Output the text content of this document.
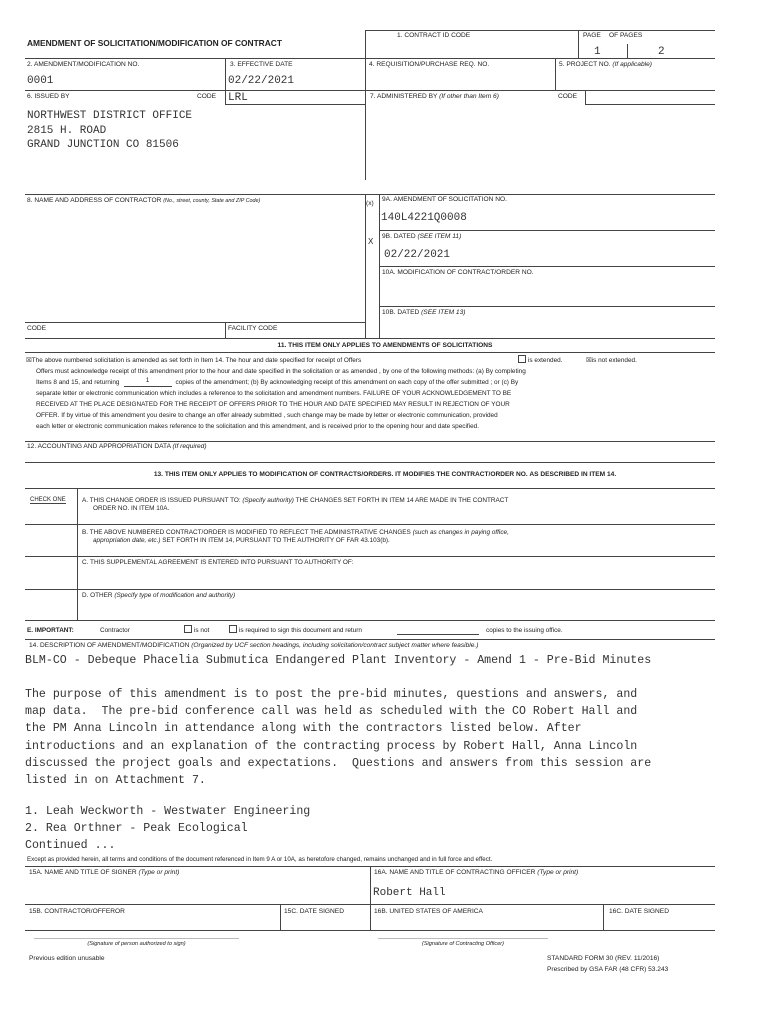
AMENDMENT OF SOLICITATION/MODIFICATION OF CONTRACT
1. CONTRACT ID CODE	PAGE OF PAGES
1	2
2. AMENDMENT/MODIFICATION NO.
0001
3. EFFECTIVE DATE
02/22/2021
4. REQUISITION/PURCHASE REQ. NO.	5. PROJECT NO. (If applicable)
6. ISSUED BY	CODE LRL	7. ADMINISTERED BY (If other than Item 6)	CODE
NORTHWEST DISTRICT OFFICE
2815 H. ROAD
GRAND JUNCTION CO 81506
8. NAME AND ADDRESS OF CONTRACTOR (No., street, county, State and ZIP Code)	(x)
9A. AMENDMENT OF SOLICITATION NO.
140L4221Q0008
X
9B. DATED (SEE ITEM 11)
02/22/2021
10A. MODIFICATION OF CONTRACT/ORDER NO.
10B. DATED (SEE ITEM 13)
CODE	FACILITY CODE
11. THIS ITEM ONLY APPLIES TO AMENDMENTS OF SOLICITATIONS
☒The above numbered solicitation is amended as set forth in Item 14. The hour and date specified for receipt of Offers	is extended.	☒is not extended.
Offers must acknowledge receipt of this amendment prior to the hour and date specified in the solicitation or as amended , by one of the following methods: (a) By completing
Items 8 and 15, and returning	1	copies of the amendment; (b) By acknowledging receipt of this amendment on each copy of the offer submitted ; or (c) By
separate letter or electronic communication which includes a reference to the solicitation and amendment numbers. FAILURE OF YOUR ACKNOWLEDGEMENT TO BE
RECEIVED AT THE PLACE DESIGNATED FOR THE RECEIPT OF OFFERS PRIOR TO THE HOUR AND DATE SPECIFIED MAY RESULT IN REJECTION OF YOUR
OFFER. If by virtue of this amendment you desire to change an offer already submitted , such change may be made by letter or electronic communication, provided
each letter or electronic communication makes reference to the solicitation and this amendment, and is received prior to the opening hour and date specified.
12. ACCOUNTING AND APPROPRIATION DATA (If required)
13. THIS ITEM ONLY APPLIES TO MODIFICATION OF CONTRACTS/ORDERS. IT MODIFIES THE CONTRACT/ORDER NO. AS DESCRIBED IN ITEM 14.
CHECK ONE	A. THIS CHANGE ORDER IS ISSUED PURSUANT TO: (Specify authority) THE CHANGES SET FORTH IN ITEM 14 ARE MADE IN THE CONTRACT
ORDER NO. IN ITEM 10A.
B. THE ABOVE NUMBERED CONTRACT/ORDER IS MODIFIED TO REFLECT THE ADMINISTRATIVE CHANGES (such as changes in paying office,
appropriation date, etc.) SET FORTH IN ITEM 14, PURSUANT TO THE AUTHORITY OF FAR 43.103(b).
C. THIS SUPPLEMENTAL AGREEMENT IS ENTERED INTO PURSUANT TO AUTHORITY OF:
D. OTHER (Specify type of modification and authority)
E. IMPORTANT:	Contractor	is not	is required to sign this document and return	copies to the issuing office.
14. DESCRIPTION OF AMENDMENT/MODIFICATION (Organized by UCF section headings, including solicitation/contract subject matter where feasible.)
BLM-CO - Debeque Phacelia Submutica Endangered Plant Inventory - Amend 1 - Pre-Bid Minutes
The purpose of this amendment is to post the pre-bid minutes, questions and answers, and
map data.  The pre-bid conference call was held as scheduled with the CO Robert Hall and
the PM Anna Lincoln in attendance along with the contractors listed below. After
introductions and an explanation of the contracting process by Robert Hall, Anna Lincoln
discussed the project goals and expectations.  Questions and answers from this session are
listed in on Attachment 7.
1. Leah Weckworth - Westwater Engineering
2. Rea Orthner - Peak Ecological
Continued ...
Except as provided herein, all terms and conditions of the document referenced in Item 9 A or 10A, as heretofore changed, remains unchanged and in full force and effect.
15A. NAME AND TITLE OF SIGNER (Type or print)	16A. NAME AND TITLE OF CONTRACTING OFFICER (Type or print)
Robert Hall
15B. CONTRACTOR/OFFEROR	15C. DATE SIGNED	16B. UNITED STATES OF AMERICA	16C. DATE SIGNED
(Signature of person authorized to sign)	(Signature of Contracting Officer)
Previous edition unusable	STANDARD FORM 30 (REV. 11/2016)
Prescribed by GSA FAR (48 CFR) 53.243
